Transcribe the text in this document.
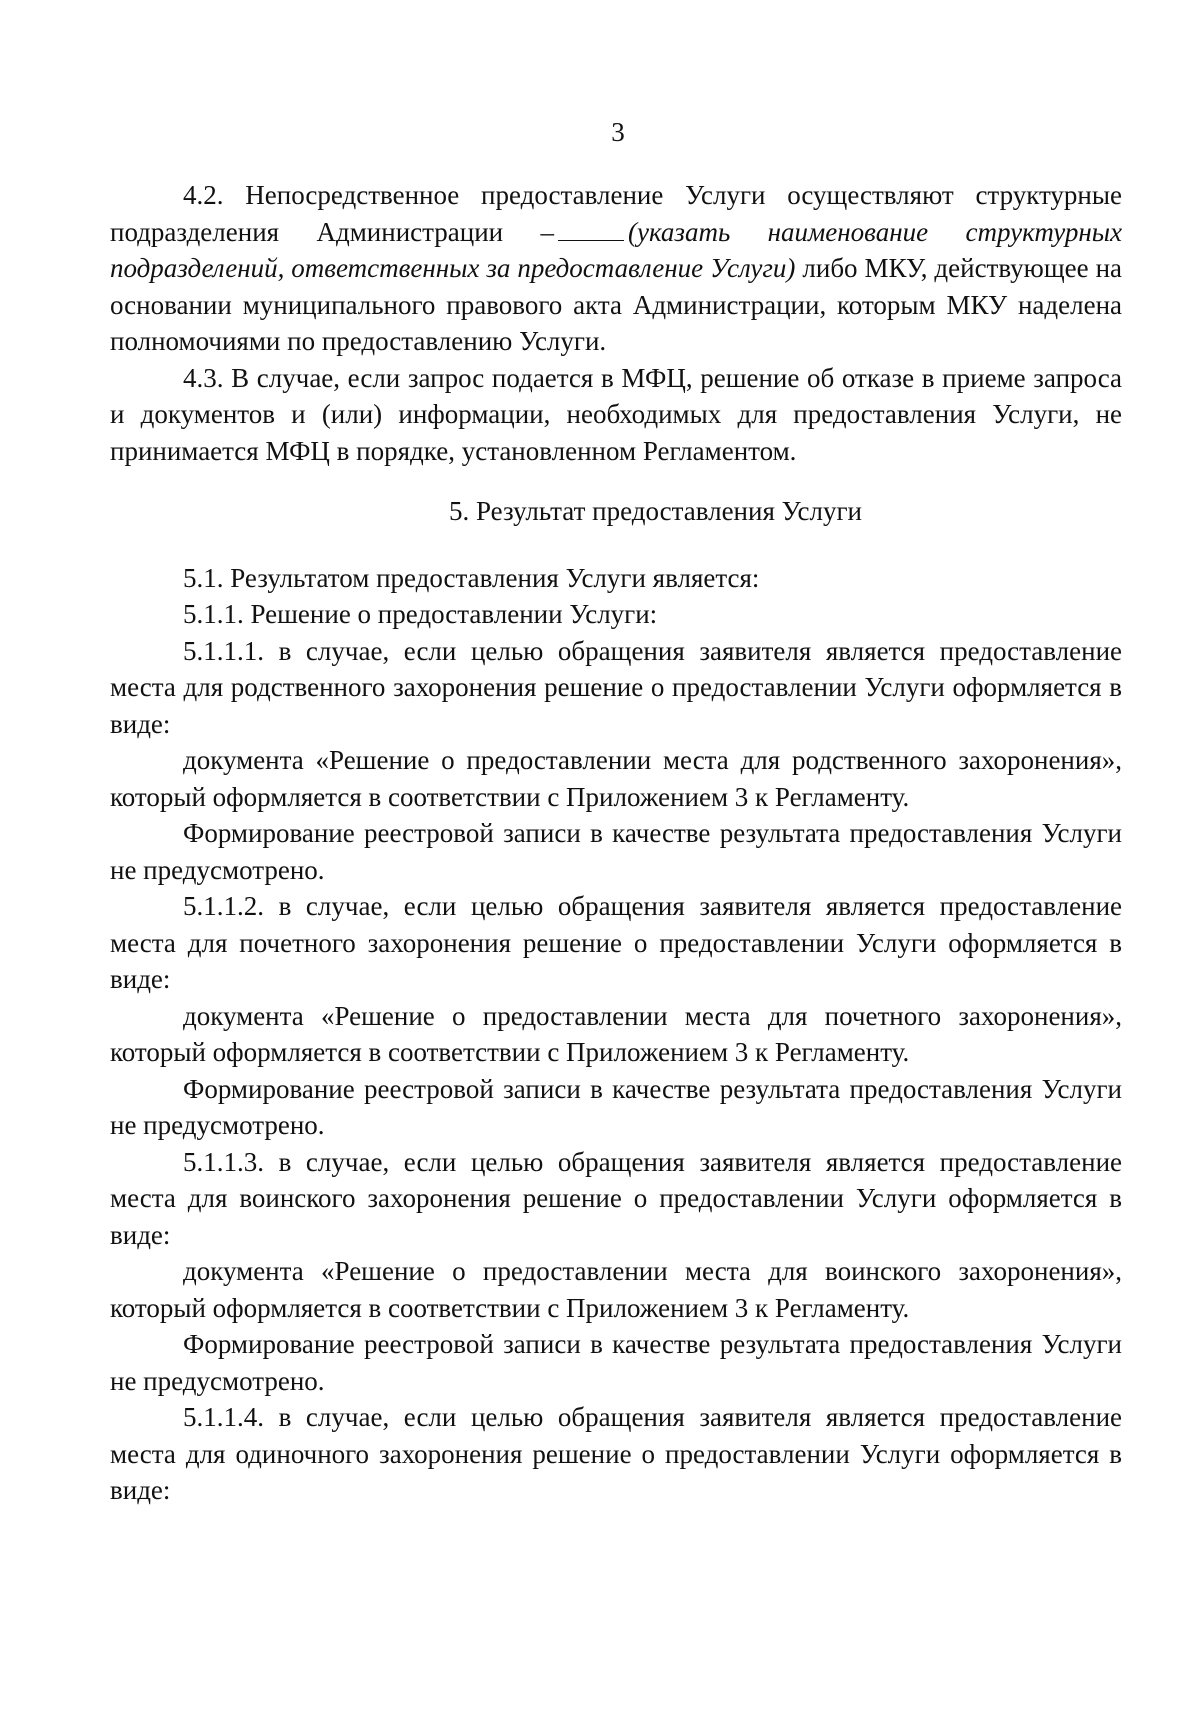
3

4.2. Непосредственное предоставление Услуги осуществляют структурные подразделения Администрации –	(указать наименование структурных подразделений, ответственных за предоставление Услуги) либо МКУ, действующее на основании муниципального правового акта Администрации, которым МКУ наделена полномочиями по предоставлению Услуги.

4.3. В случае, если запрос подается в МФЦ, решение об отказе в приеме запроса и документов и (или) информации, необходимых для предоставления Услуги, не принимается МФЦ в порядке, установленном Регламентом.

5. Результат предоставления Услуги

5.1. Результатом предоставления Услуги является:

5.1.1. Решение о предоставлении Услуги:

5.1.1.1. в случае, если целью обращения заявителя является предоставление места для родственного захоронения решение о предоставлении Услуги оформляется в виде:

документа «Решение о предоставлении места для родственного захоронения», который оформляется в соответствии с Приложением 3 к Регламенту.

Формирование реестровой записи в качестве результата предоставления Услуги не предусмотрено.

5.1.1.2. в случае, если целью обращения заявителя является предоставление места для почетного захоронения решение о предоставлении Услуги оформляется в виде:

документа «Решение о предоставлении места для почетного захоронения», который оформляется в соответствии с Приложением 3 к Регламенту.

Формирование реестровой записи в качестве результата предоставления Услуги не предусмотрено.

5.1.1.3. в случае, если целью обращения заявителя является предоставление места для воинского захоронения решение о предоставлении Услуги оформляется в виде:

документа «Решение о предоставлении места для воинского захоронения», который оформляется в соответствии с Приложением 3 к Регламенту.

Формирование реестровой записи в качестве результата предоставления Услуги не предусмотрено.

5.1.1.4. в случае, если целью обращения заявителя является предоставление места для одиночного захоронения решение о предоставлении Услуги оформляется в виде:
